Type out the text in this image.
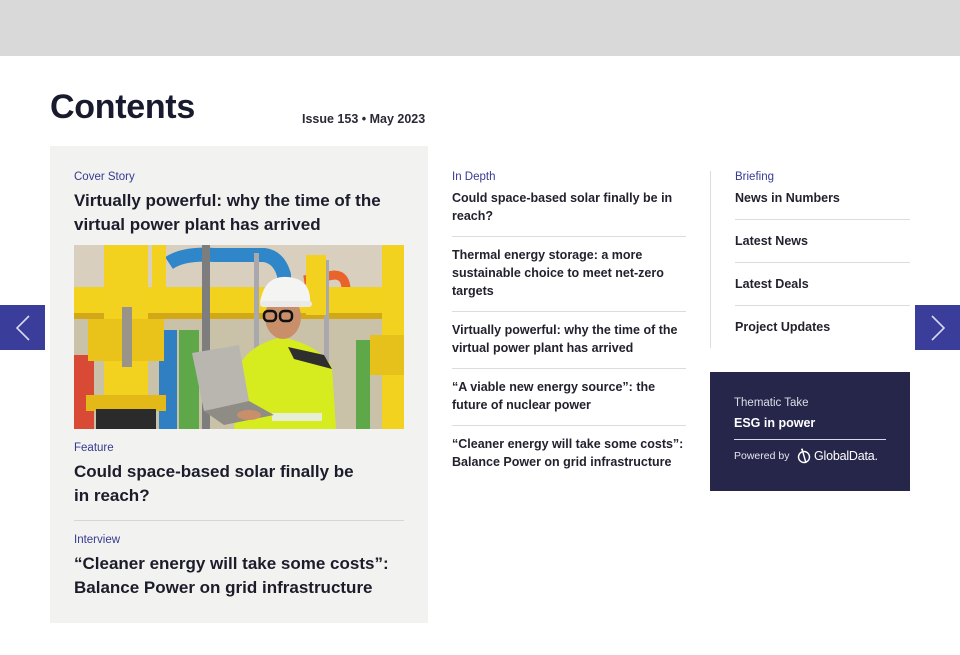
Contents	Issue 153 • May 2023
Cover Story
Virtually powerful: why the time of the virtual power plant has arrived
Feature
Could space-based solar finally be in reach?
Interview
“Cleaner energy will take some costs”: Balance Power on grid infrastructure
In Depth
Could space-based solar finally be in reach?
Thermal energy storage: a more sustainable choice to meet net-zero targets
Virtually powerful: why the time of the virtual power plant has arrived
“A viable new energy source”: the future of nuclear power
“Cleaner energy will take some costs”: Balance Power on grid infrastructure
Briefing
News in Numbers
Latest News
Latest Deals
Project Updates
Thematic Take
ESG in power
Powered by GlobalData.
